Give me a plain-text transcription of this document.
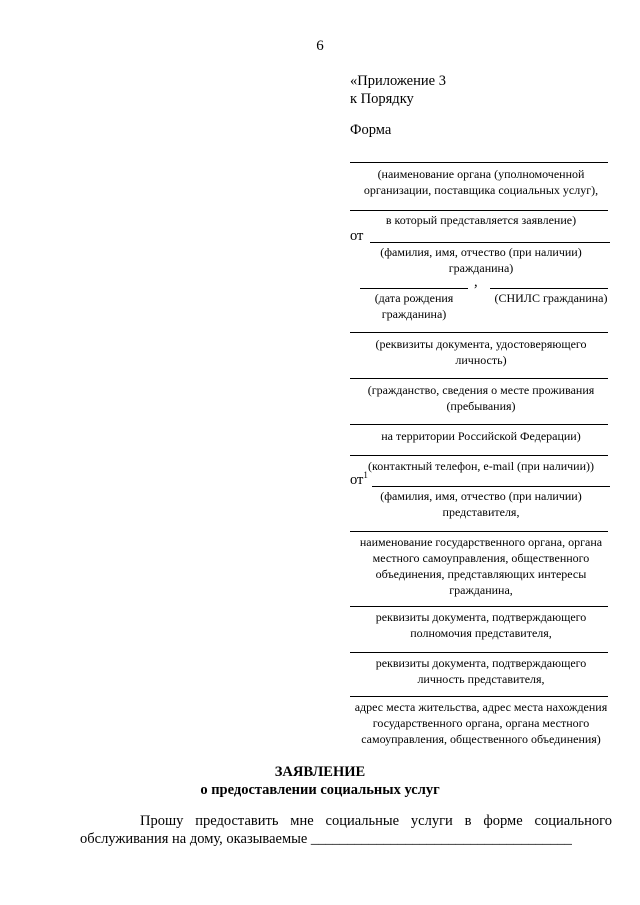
6
«Приложение 3
к Порядку
Форма
(наименование органа (уполномоченной
организации, поставщика социальных услуг),
в который представляется заявление)
от
(фамилия, имя, отчество (при наличии)
гражданина)
,
(дата рождения
гражданина)
(СНИЛС гражданина)
(реквизиты документа, удостоверяющего
личность)
(гражданство, сведения о месте проживания
(пребывания)
на территории Российской Федерации)
(контактный телефон, e-mail (при наличии))
$от^1$
(фамилия, имя, отчество (при наличии)
представителя,
наименование государственного органа, органа
местного самоуправления, общественного
объединения, представляющих интересы
гражданина,
реквизиты документа, подтверждающего
полномочия представителя,
реквизиты документа, подтверждающего
личность представителя,
адрес места жительства, адрес места нахождения
государственного органа, органа местного
самоуправления, общественного объединения)
ЗАЯВЛЕНИЕ
о предоставлении социальных услуг
Прошу предоставить мне социальные услуги в форме социального обслуживания на дому, оказываемые ____________________________________
